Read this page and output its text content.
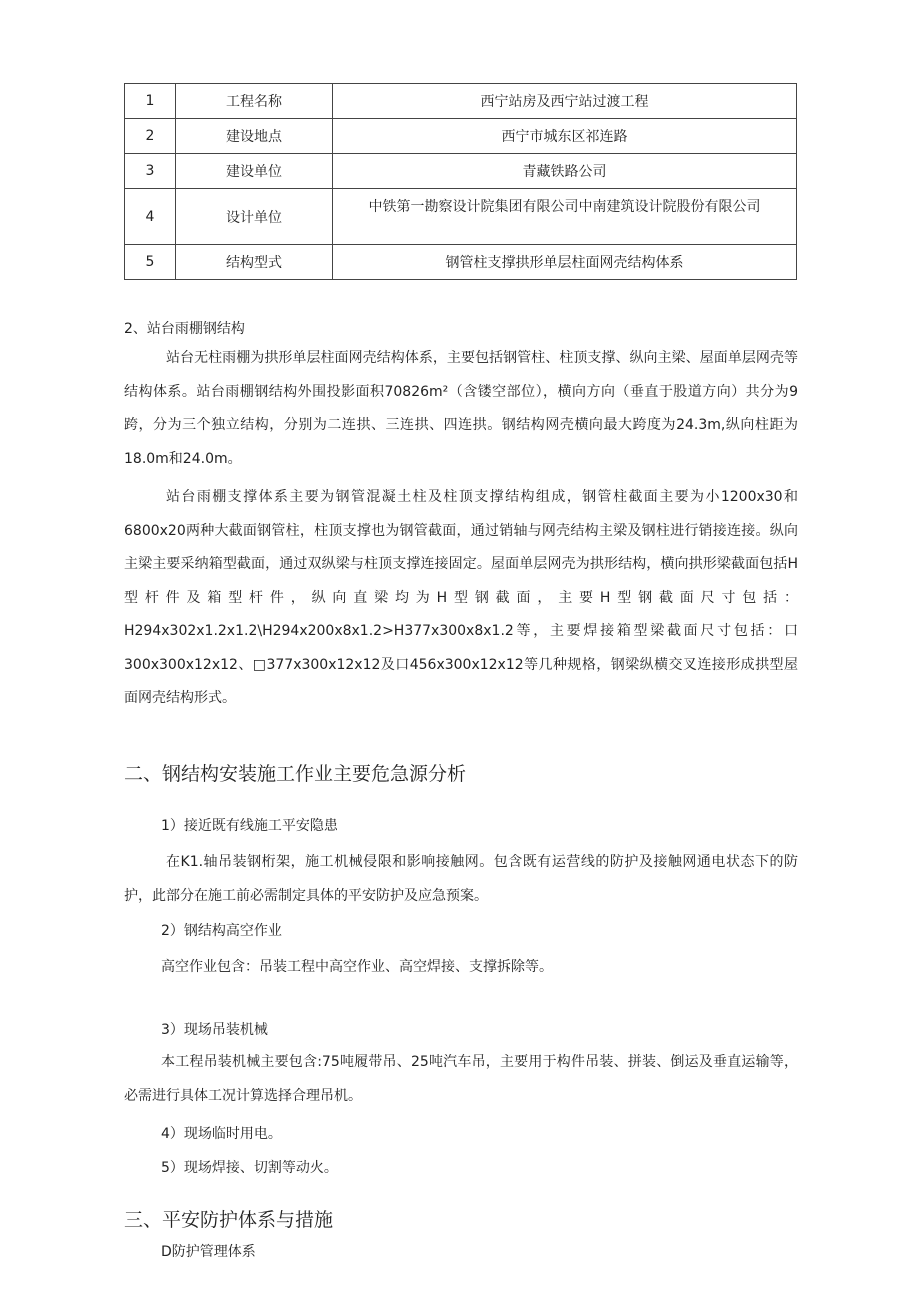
1	工程名称	西宁站房及西宁站过渡工程
2	建设地点	西宁市城东区祁连路
3	建设单位	青藏铁路公司
4	设计单位	中铁第一勘察设计院集团有限公司中南建筑设计院股份有限公司
5	结构型式	钢管柱支撑拱形单层柱面网壳结构体系

2、站台雨棚钢结构

站台无柱雨棚为拱形单层柱面网壳结构体系，主要包括钢管柱、柱顶支撑、纵向主梁、屋面单层网壳等结构体系。站台雨棚钢结构外围投影面积70826m²（含镂空部位），横向方向（垂直于股道方向）共分为9跨，分为三个独立结构，分别为二连拱、三连拱、四连拱。钢结构网壳横向最大跨度为24.3m,纵向柱距为18.0m和24.0m。

站台雨棚支撑体系主要为钢管混凝土柱及柱顶支撑结构组成，钢管柱截面主要为小1200x30和6800x20两种大截面钢管柱，柱顶支撑也为钢管截面，通过销轴与网壳结构主梁及钢柱进行销接连接。纵向主梁主要采纳箱型截面，通过双纵梁与柱顶支撑连接固定。屋面单层网壳为拱形结构，横向拱形梁截面包括H型杆件及箱型杆件，纵向直梁均为H型钢截面，主要H型钢截面尺寸包括：H294x302x1.2x1.2\H294x200x8x1.2>H377x300x8x1.2等，主要焊接箱型梁截面尺寸包括：口300x300x12x12、□377x300x12x12及口456x300x12x12等几种规格，钢梁纵横交叉连接形成拱型屋面网壳结构形式。

二、钢结构安装施工作业主要危急源分析

1）接近既有线施工平安隐患

在K1.轴吊装钢桁架，施工机械侵限和影响接触网。包含既有运营线的防护及接触网通电状态下的防护，此部分在施工前必需制定具体的平安防护及应急预案。

2）钢结构高空作业

高空作业包含：吊装工程中高空作业、高空焊接、支撑拆除等。

3）现场吊装机械

本工程吊装机械主要包含:75吨履带吊、25吨汽车吊，主要用于构件吊装、拼装、倒运及垂直运输等，必需进行具体工况计算选择合理吊机。

4）现场临时用电。

5）现场焊接、切割等动火。

三、平安防护体系与措施

D防护管理体系
